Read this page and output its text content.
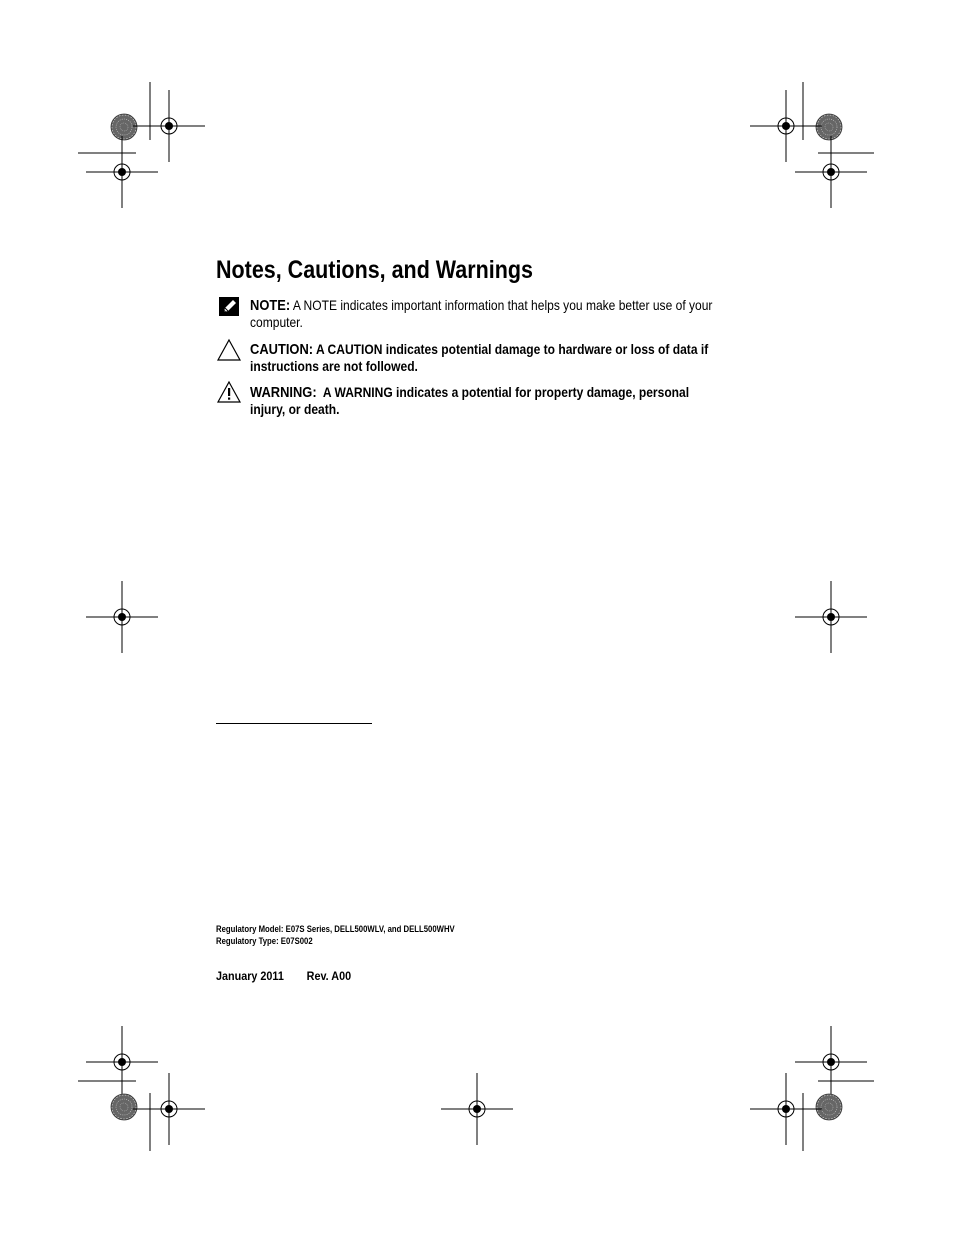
Notes, Cautions, and Warnings
NOTE: A NOTE indicates important information that helps you make better use of your computer.
CAUTION: A CAUTION indicates potential damage to hardware or loss of data if instructions are not followed.
WARNING: A WARNING indicates a potential for property damage, personal injury, or death.
Regulatory Model: E07S Series, DELL500WLV, and DELL500WHV
Regulatory Type: E07S002
January 2011 Rev. A00
